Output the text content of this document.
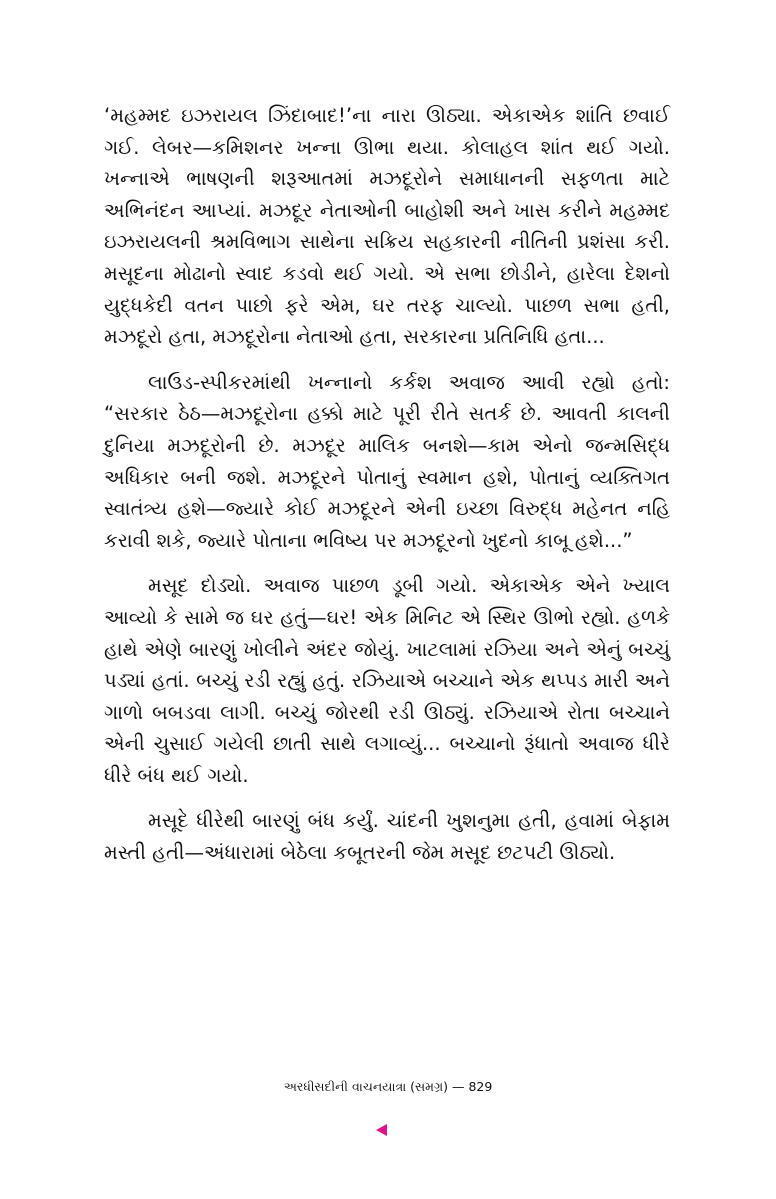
‘મહમ્મદ ઇઝરાયલ ઝિંદાબાદ!’ના નારા ઊઠ્યા. એકાએક શાંતિ છવાઈ ગઈ. લેબર—કમિશનર ખન્ના ઊભા થયા. કોલાહલ શાંત થઈ ગયો. ખન્નાએ ભાષણની શરૂઆતમાં મઝદૂરોને સમાધાનની સફળતા માટે અભિનંદન આપ્યાં. મઝદૂર નેતાઓની બાહોશી અને ખાસ કરીને મહમ્મદ ઇઝરાયલની શ્રમવિભાગ સાથેના સક્રિય સહકારની નીતિની પ્રશંસા કરી. મસૂદના મોઢાનો સ્વાદ કડવો થઈ ગયો. એ સભા છોડીને, હારેલા દેશનો યુદ્ધકેદી વતન પાછો ફરે એમ, ઘર તરફ ચાલ્યો. પાછળ સભા હતી, મઝદૂરો હતા, મઝદૂરોના નેતાઓ હતા, સરકારના પ્રતિનિધિ હતા...

લાઉડ-સ્પીકરમાંથી ખન્નાનો કર્કશ અવાજ આવી રહ્યો હતો: “સરકાર ઠેઠ—મઝદૂરોના હક્કો માટે પૂરી રીતે સતર્ક છે. આવતી કાલની દુનિયા મઝદૂરોની છે. મઝદૂર માલિક બનશે—કામ એનો જન્મસિદ્ધ અધિકાર બની જશે. મઝદૂરને પોતાનું સ્વમાન હશે, પોતાનું વ્યક્તિગત સ્વાતંત્ર્ય હશે—જ્યારે કોઈ મઝદૂરને એની ઇચ્છા વિરુદ્ધ મહેનત નહિ કરાવી શકે, જ્યારે પોતાના ભવિષ્ય પર મઝદૂરનો ખુદનો કાબૂ હશે...”

મસૂદ દોડ્યો. અવાજ પાછળ ડૂબી ગયો. એકાએક એને ખ્યાલ આવ્યો કે સામે જ ઘર હતું—ઘર! એક મિનિટ એ સ્થિર ઊભો રહ્યો. હળકે હાથે એણે બારણું ખોલીને અંદર જોયું. ખાટલામાં રઝિયા અને એનું બચ્ચું પડ્યાં હતાં. બચ્ચું રડી રહ્યું હતું. રઝિયાએ બચ્ચાને એક થપ્પડ મારી અને ગાળો બબડવા લાગી. બચ્ચું જોરથી રડી ઊઠ્યું. રઝિયાએ રોતા બચ્ચાને એની ચુસાઈ ગયેલી છાતી સાથે લગાવ્યું... બચ્ચાનો રૂંધાતો અવાજ ધીરે ધીરે બંધ થઈ ગયો.

મસૂદે ધીરેથી બારણું બંધ કર્યું. ચાંદની ખુશનુમા હતી, હવામાં બેફામ મસ્તી હતી—અંધારામાં બેઠેલા કબૂતરની જેમ મસૂદ છટપટી ઊઠ્યો.

અરધીસદીની વાચનયાત્રા (સમગ્ર) — 829
